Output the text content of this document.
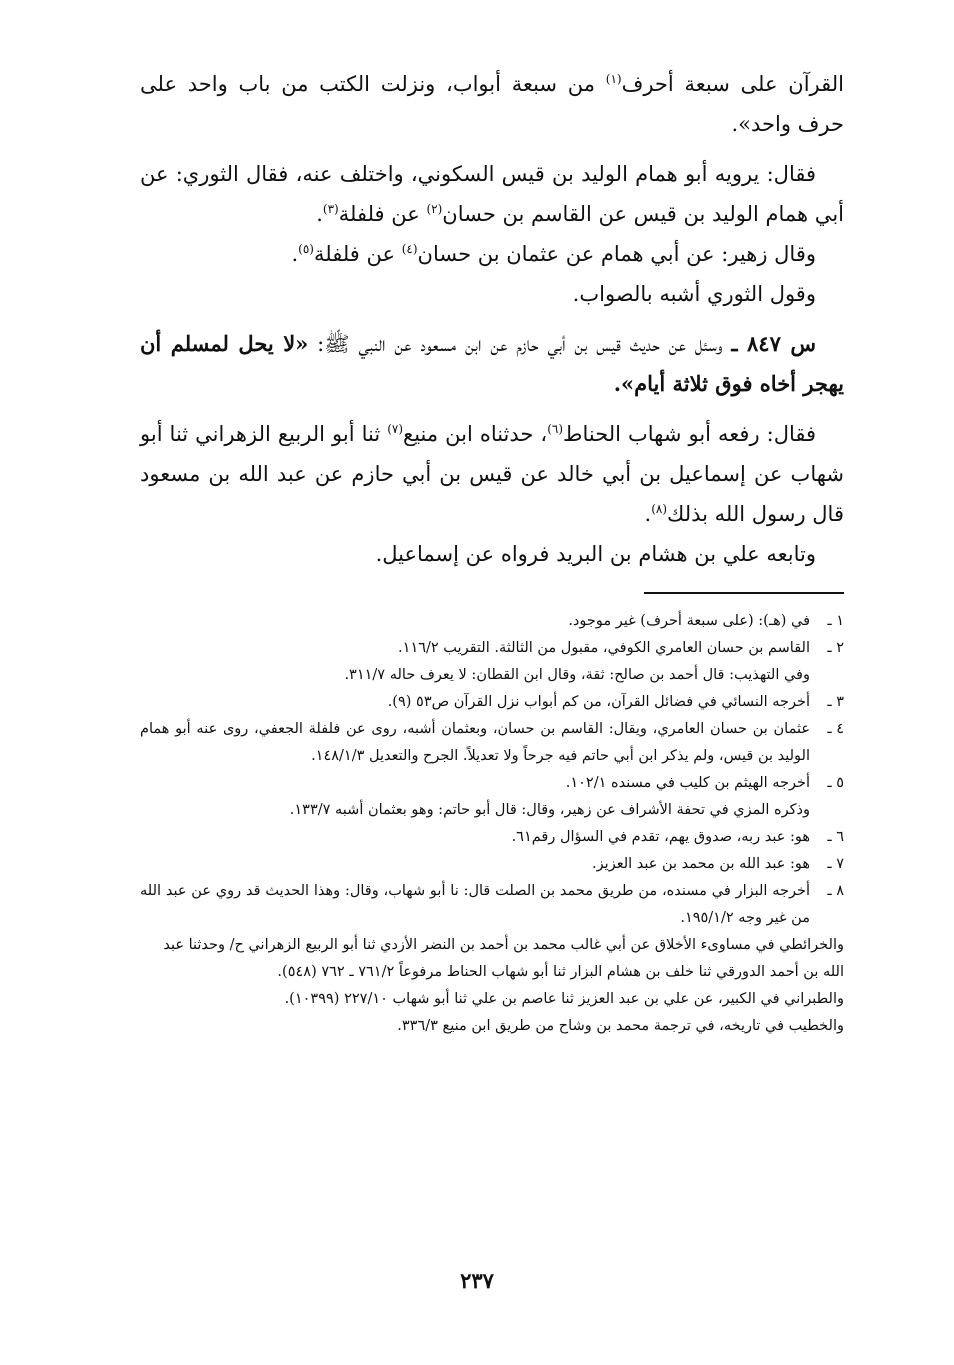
القرآن على سبعة أحرف$^{(١)}$ من سبعة أبواب، ونزلت الكتب من باب واحد على حرف واحد».

فقال: يرويه أبو همام الوليد بن قيس السكوني، واختلف عنه، فقال الثوري: عن أبي همام الوليد بن قيس عن القاسم بن حسان$^{(٢)}$ عن فلفلة$^{(٣)}$.

وقال زهير: عن أبي همام عن عثمان بن حسان$^{(٤)}$ عن فلفلة$^{(٥)}$.

وقول الثوري أشبه بالصواب.

س ٨٤٧ ـ وسئل عن حديث قيس بن أبي حازم عن ابن مسعود عن النبي ﷺ: «لا يحل لمسلم أن يهجر أخاه فوق ثلاثة أيام».

فقال: رفعه أبو شهاب الحناط$^{(٦)}$، حدثناه ابن منيع$^{(٧)}$ ثنا أبو الربيع الزهراني ثنا أبو شهاب عن إسماعيل بن أبي خالد عن قيس بن أبي حازم عن عبد الله بن مسعود قال رسول الله بذلك$^{(٨)}$.

وتابعه علي بن هشام بن البريد فرواه عن إسماعيل.

١ ـ
في (هـ): (على سبعة أحرف) غير موجود.

٢ ـ
القاسم بن حسان العامري الكوفي، مقبول من الثالثة. التقريب ١١٦/٢.

وفي التهذيب: قال أحمد بن صالح: ثقة، وقال ابن القطان: لا يعرف حاله ٣١١/٧.

٣ ـ
أخرجه النسائي في فضائل القرآن، من كم أبواب نزل القرآن ص٥٣ (٩).

٤ ـ
عثمان بن حسان العامري، ويقال: القاسم بن حسان، وبعثمان أشبه، روى عن فلفلة الجعفي، روى عنه أبو همام الوليد بن قيس، ولم يذكر ابن أبي حاتم فيه جرحاً ولا تعديلاً. الجرح والتعديل ١٤٨/١/٣.

٥ ـ
أخرجه الهيثم بن كليب في مسنده ١٠٢/١.

وذكره المزي في تحفة الأشراف عن زهير، وقال: قال أبو حاتم: وهو بعثمان أشبه ١٣٣/٧.

٦ ـ
هو: عبد ربه، صدوق يهم، تقدم في السؤال رقم٦١.

٧ ـ
هو: عبد الله بن محمد بن عبد العزيز.

٨ ـ
أخرجه البزار في مسنده، من طريق محمد بن الصلت قال: نا أبو شهاب، وقال: وهذا الحديث قد روي عن عبد الله من غير وجه ١٩٥/١/٢.

والخرائطي في مساوىء الأخلاق عن أبي غالب محمد بن أحمد بن النضر الأزدي ثنا أبو الربيع الزهراني ح/ وحدثنا عبد الله بن أحمد الدورقي ثنا خلف بن هشام البزار ثنا أبو شهاب الحناط مرفوعاً ٧٦١/٢ ـ ٧٦٢ (٥٤٨).

والطبراني في الكبير، عن علي بن عبد العزيز ثنا عاصم بن علي ثنا أبو شهاب ٢٢٧/١٠ (١٠٣٩٩).

والخطيب في تاريخه، في ترجمة محمد بن وشاح من طريق ابن منيع ٣٣٦/٣.

٢٣٧
